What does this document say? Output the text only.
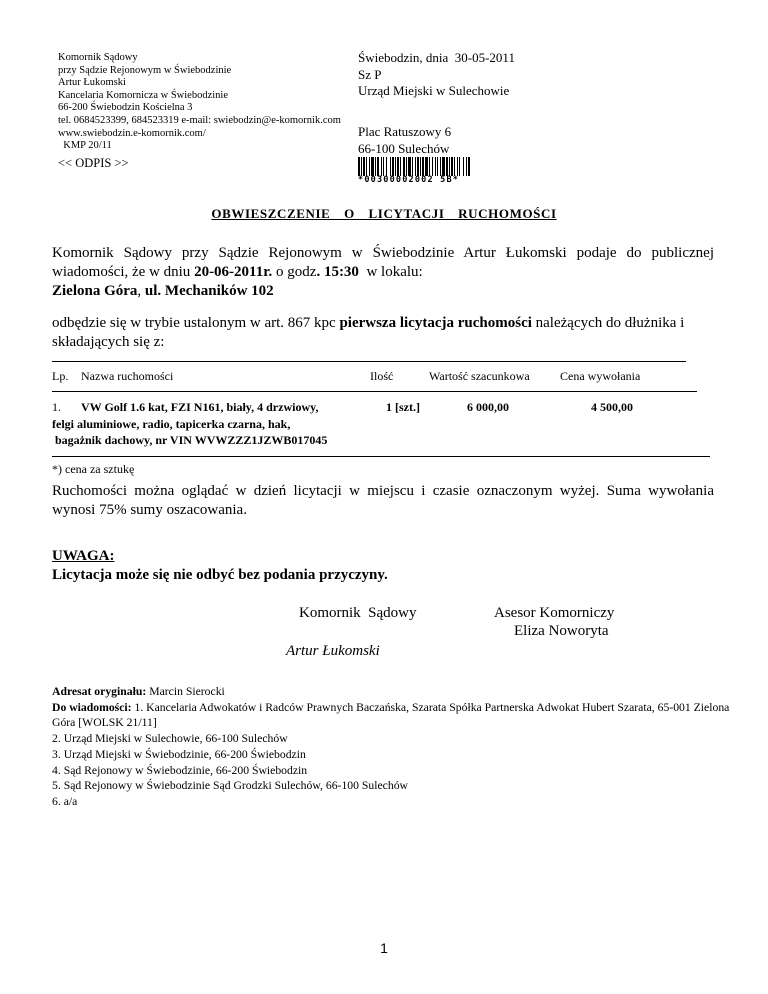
Komornik Sądowy
przy Sądzie Rejonowym w Świebodzinie
Artur Łukomski
Kancelaria Komornicza w Świebodzinie
66-200 Świebodzin Kościelna 3
tel. 0684523399, 684523319 e-mail: swiebodzin@e-komornik.com
www.swiebodzin.e-komornik.com/
KMP 20/11
Świebodzin, dnia  30-05-2011
Sz P
Urząd Miejski w Sulechowie
Plac Ratuszowy 6
66-100 Sulechów
<< ODPIS >>
*00300002002 5B*
OBWIESZCZENIE  O  LICYTACJI  RUCHOMOŚCI
Komornik Sądowy przy Sądzie Rejonowym w Świebodzinie Artur Łukomski podaje do publicznej wiadomości, że w dniu 20-06-2011r. o godz. 15:30  w lokalu:
Zielona Góra, ul. Mechaników 102
odbędzie się w trybie ustalonym w art. 867 kpc pierwsza licytacja ruchomości należących do dłużnika i składających się z:
Lp. Nazwa ruchomości	Ilość	Wartość szacunkowa	Cena wywołania
1.	VW Golf 1.6 kat, FZI N161, biały, 4 drzwiowy,
felgi aluminiowe, radio, tapicerka czarna, hak,
bagażnik dachowy, nr VIN WVWZZZ1JZWB017045
1 [szt.]	6 000,00	4 500,00
*) cena za sztukę
Ruchomości można oglądać w dzień licytacji w miejscu i czasie oznaczonym wyżej. Suma wywołania wynosi 75% sumy oszacowania.
UWAGA:
Licytacja może się nie odbyć bez podania przyczyny.
Komornik  Sądowy
Artur Łukomski
Asesor Komorniczy
Eliza Noworyta
Adresat oryginału: Marcin Sierocki
Do wiadomości: 1. Kancelaria Adwokatów i Radców Prawnych Baczańska, Szarata Spółka Partnerska Adwokat Hubert Szarata, 65-001 Zielona Góra [WOLSK 21/11]
2. Urząd Miejski w Sulechowie, 66-100 Sulechów
3. Urząd Miejski w Świebodzinie, 66-200 Świebodzin
4. Sąd Rejonowy w Świebodzinie, 66-200 Świebodzin
5. Sąd Rejonowy w Świebodzinie Sąd Grodzki Sulechów, 66-100 Sulechów
6. a/a
1
